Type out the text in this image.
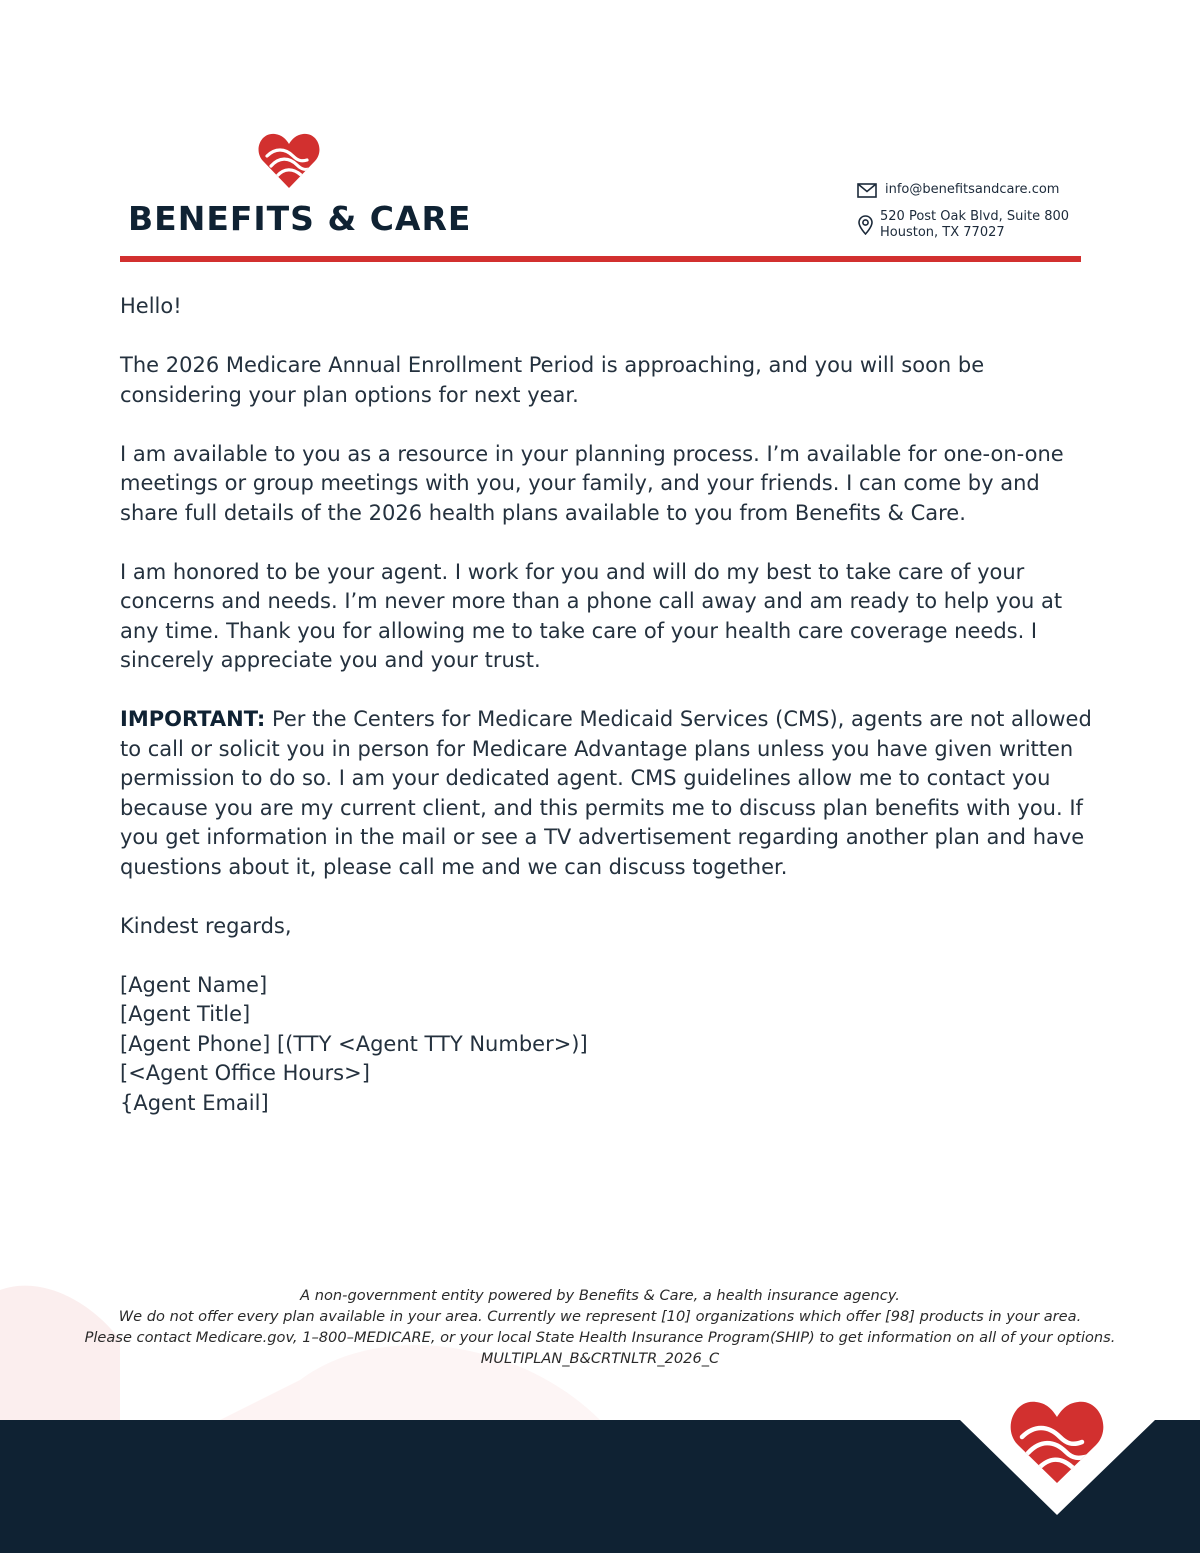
BENEFITS & CARE
info@benefitsandcare.com
520 Post Oak Blvd, Suite 800
Houston, TX 77027

Hello!

The 2026 Medicare Annual Enrollment Period is approaching, and you will soon be considering your plan options for next year.

I am available to you as a resource in your planning process. I’m available for one-on-one meetings or group meetings with you, your family, and your friends. I can come by and share full details of the 2026 health plans available to you from Benefits & Care.

I am honored to be your agent. I work for you and will do my best to take care of your concerns and needs. I’m never more than a phone call away and am ready to help you at any time. Thank you for allowing me to take care of your health care coverage needs. I sincerely appreciate you and your trust.

IMPORTANT: Per the Centers for Medicare Medicaid Services (CMS), agents are not allowed to call or solicit you in person for Medicare Advantage plans unless you have given written permission to do so. I am your dedicated agent. CMS guidelines allow me to contact you because you are my current client, and this permits me to discuss plan benefits with you. If you get information in the mail or see a TV advertisement regarding another plan and have questions about it, please call me and we can discuss together.

Kindest regards,

[Agent Name]

[Agent Title]

[Agent Phone] [(TTY <Agent TTY Number>)]

[<Agent Office Hours>]

{Agent Email]

A non-government entity powered by Benefits & Care, a health insurance agency.
We do not offer every plan available in your area. Currently we represent [10] organizations which offer [98] products in your area.
Please contact Medicare.gov, 1–800–MEDICARE, or your local State Health Insurance Program(SHIP) to get information on all of your options.
MULTIPLAN_B&CRTNLTR_2026_C
